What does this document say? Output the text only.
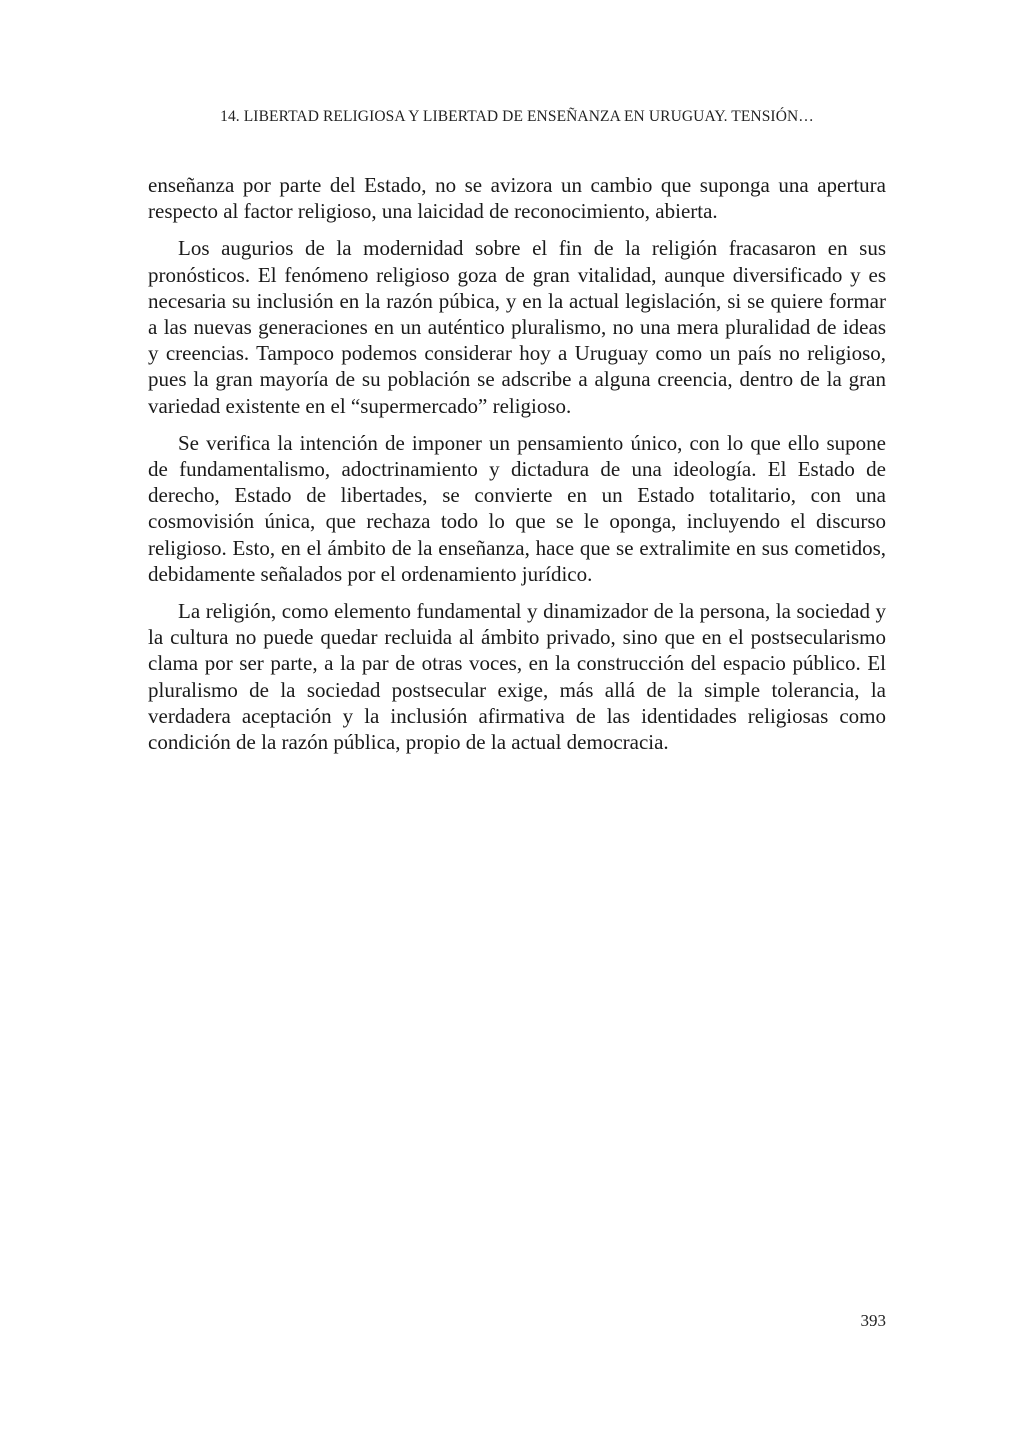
14. LIBERTAD RELIGIOSA Y LIBERTAD DE ENSEÑANZA EN URUGUAY. TENSIÓN…

enseñanza por parte del Estado, no se avizora un cambio que suponga una apertura respecto al factor religioso, una laicidad de reconocimiento, abierta.

Los augurios de la modernidad sobre el fin de la religión fracasaron en sus pronósticos. El fenómeno religioso goza de gran vitalidad, aunque diversificado y es necesaria su inclusión en la razón púbica, y en la actual legislación, si se quiere formar a las nuevas generaciones en un auténtico pluralismo, no una mera pluralidad de ideas y creencias. Tampoco podemos considerar hoy a Uruguay como un país no religioso, pues la gran mayoría de su población se adscribe a alguna creencia, dentro de la gran variedad existente en el “supermercado” religioso.

Se verifica la intención de imponer un pensamiento único, con lo que ello supone de fundamentalismo, adoctrinamiento y dictadura de una ideología. El Estado de derecho, Estado de libertades, se convierte en un Estado totalitario, con una cosmovisión única, que rechaza todo lo que se le oponga, incluyendo el discurso religioso. Esto, en el ámbito de la enseñanza, hace que se extralimite en sus cometidos, debidamente señalados por el ordenamiento jurídico.

La religión, como elemento fundamental y dinamizador de la persona, la sociedad y la cultura no puede quedar recluida al ámbito privado, sino que en el postsecularismo clama por ser parte, a la par de otras voces, en la construcción del espacio público. El pluralismo de la sociedad postsecular exige, más allá de la simple tolerancia, la verdadera aceptación y la inclusión afirmativa de las identidades religiosas como condición de la razón pública, propio de la actual democracia.

393
